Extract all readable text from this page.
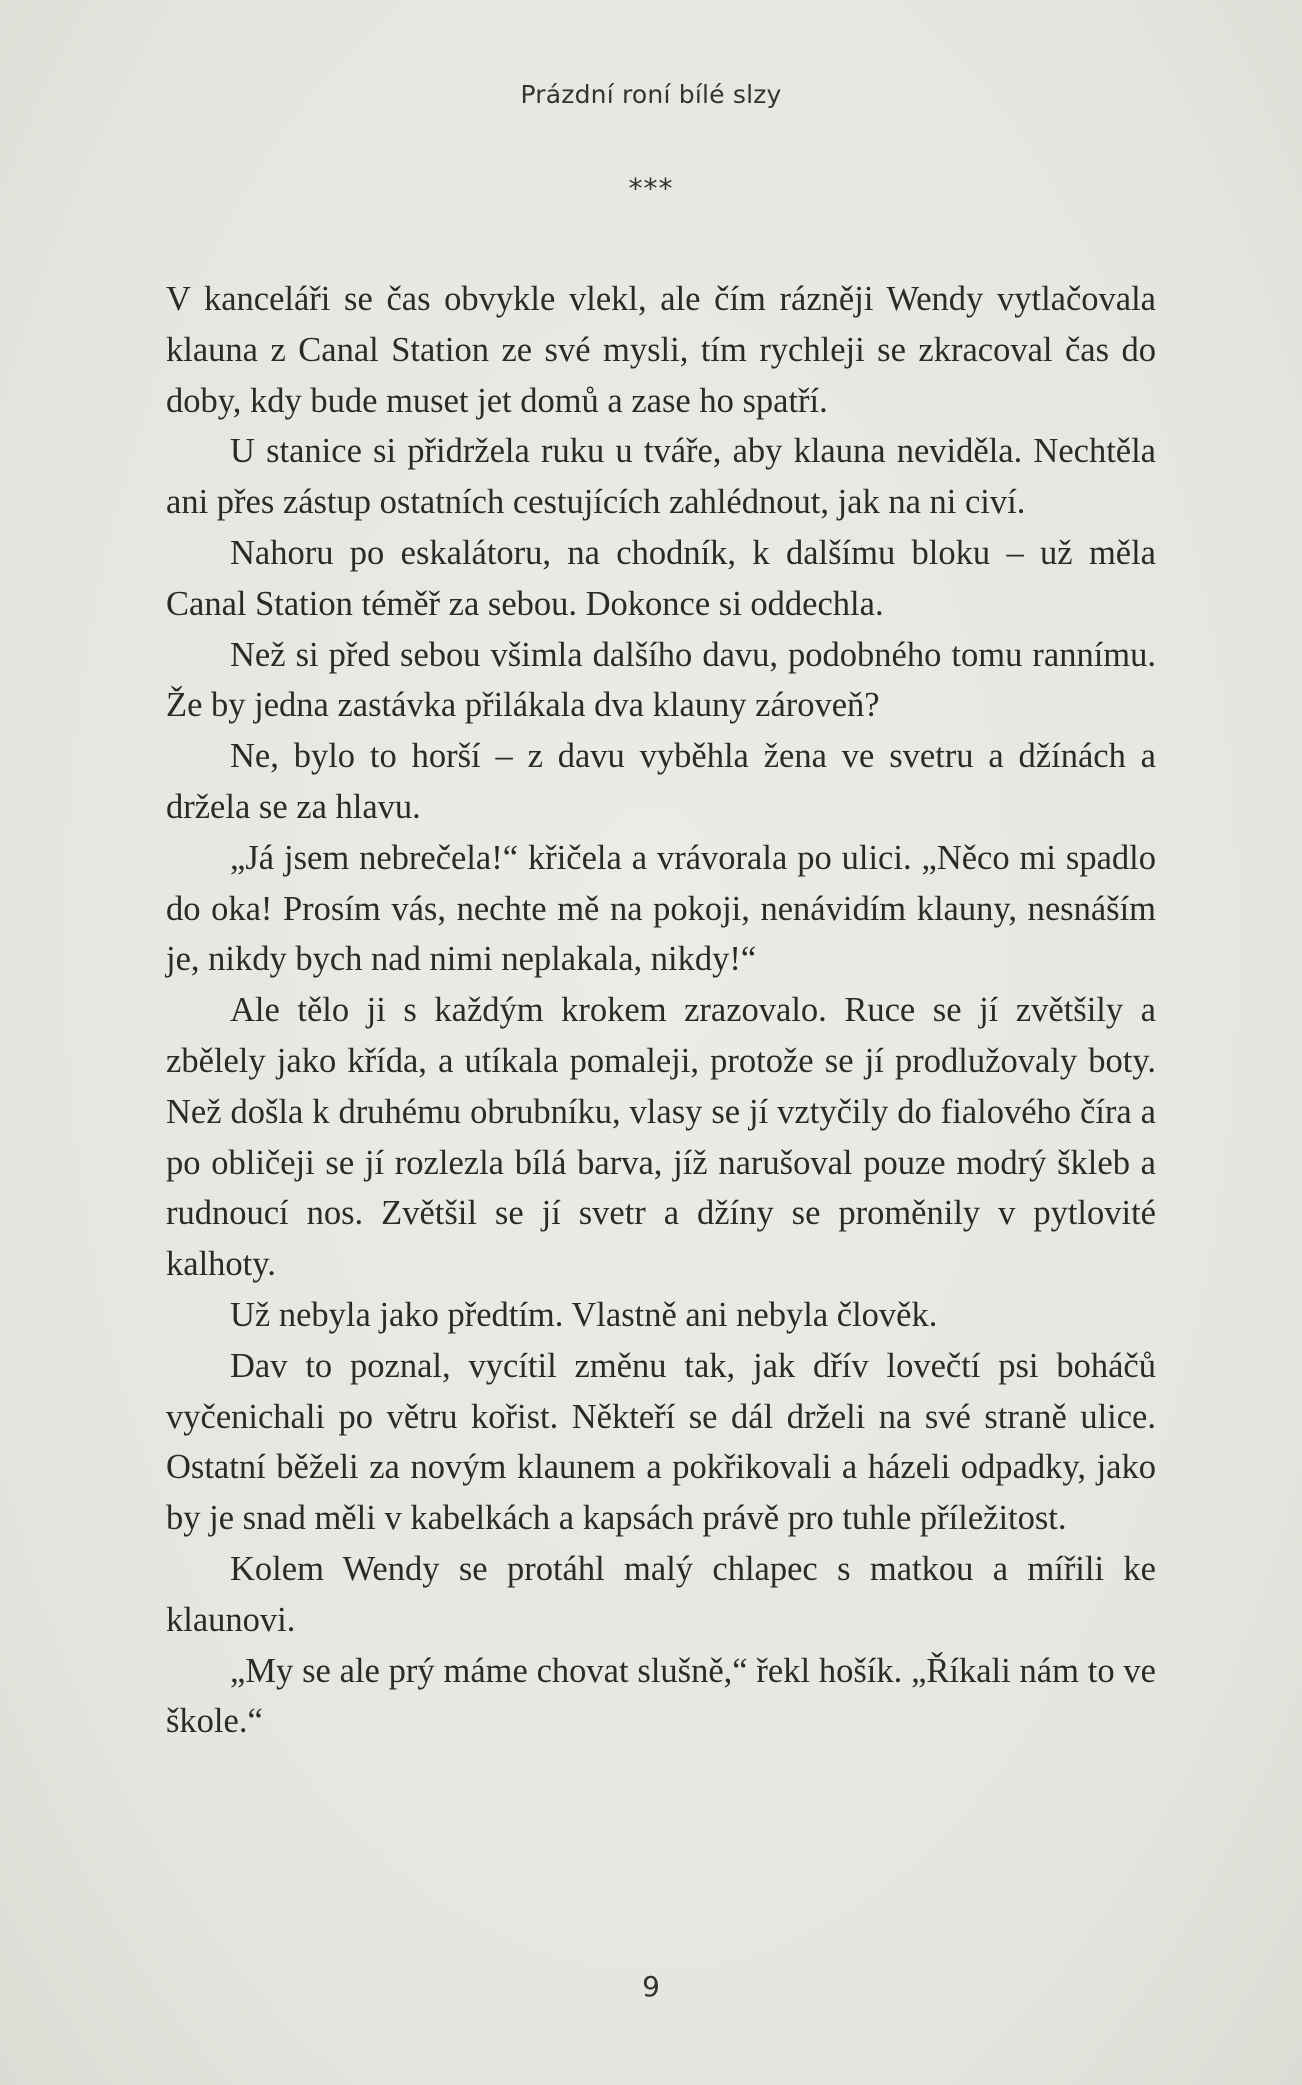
Prázdní roní bílé slzy
***

V kanceláři se čas obvykle vlekl, ale čím rázněji Wendy vytlačovala klauna z Canal Station ze své mysli, tím rychleji se zkracoval čas do doby, kdy bude muset jet domů a zase ho spatří.

U stanice si přidržela ruku u tváře, aby klauna neviděla. Nechtěla ani přes zástup ostatních cestujících zahlédnout, jak na ni civí.

Nahoru po eskalátoru, na chodník, k dalšímu bloku – už měla Canal Station téměř za sebou. Dokonce si oddechla.

Než si před sebou všimla dalšího davu, podobného tomu rannímu. Že by jedna zastávka přilákala dva klauny zároveň?

Ne, bylo to horší – z davu vyběhla žena ve svetru a džínách a držela se za hlavu.

„Já jsem nebrečela!“ křičela a vrávorala po ulici. „Něco mi spadlo do oka! Prosím vás, nechte mě na pokoji, nenávidím klauny, nesnáším je, nikdy bych nad nimi neplakala, nikdy!“

Ale tělo ji s každým krokem zrazovalo. Ruce se jí zvětšily a zbělely jako křída, a utíkala pomaleji, protože se jí prodlužovaly boty. Než došla k druhému obrubníku, vlasy se jí vztyčily do fialového číra a po obličeji se jí rozlezla bílá barva, jíž narušoval pouze modrý škleb a rudnoucí nos. Zvětšil se jí svetr a džíny se proměnily v pytlovité kalhoty.

Už nebyla jako předtím. Vlastně ani nebyla člověk.

Dav to poznal, vycítil změnu tak, jak dřív lovečtí psi boháčů vyčenichali po větru kořist. Někteří se dál drželi na své straně ulice. Ostatní běželi za novým klaunem a pokřikovali a házeli odpadky, jako by je snad měli v kabelkách a kapsách právě pro tuhle příležitost.

Kolem Wendy se protáhl malý chlapec s matkou a mířili ke klaunovi.

„My se ale prý máme chovat slušně,“ řekl hošík. „Říkali nám to ve škole.“

9
